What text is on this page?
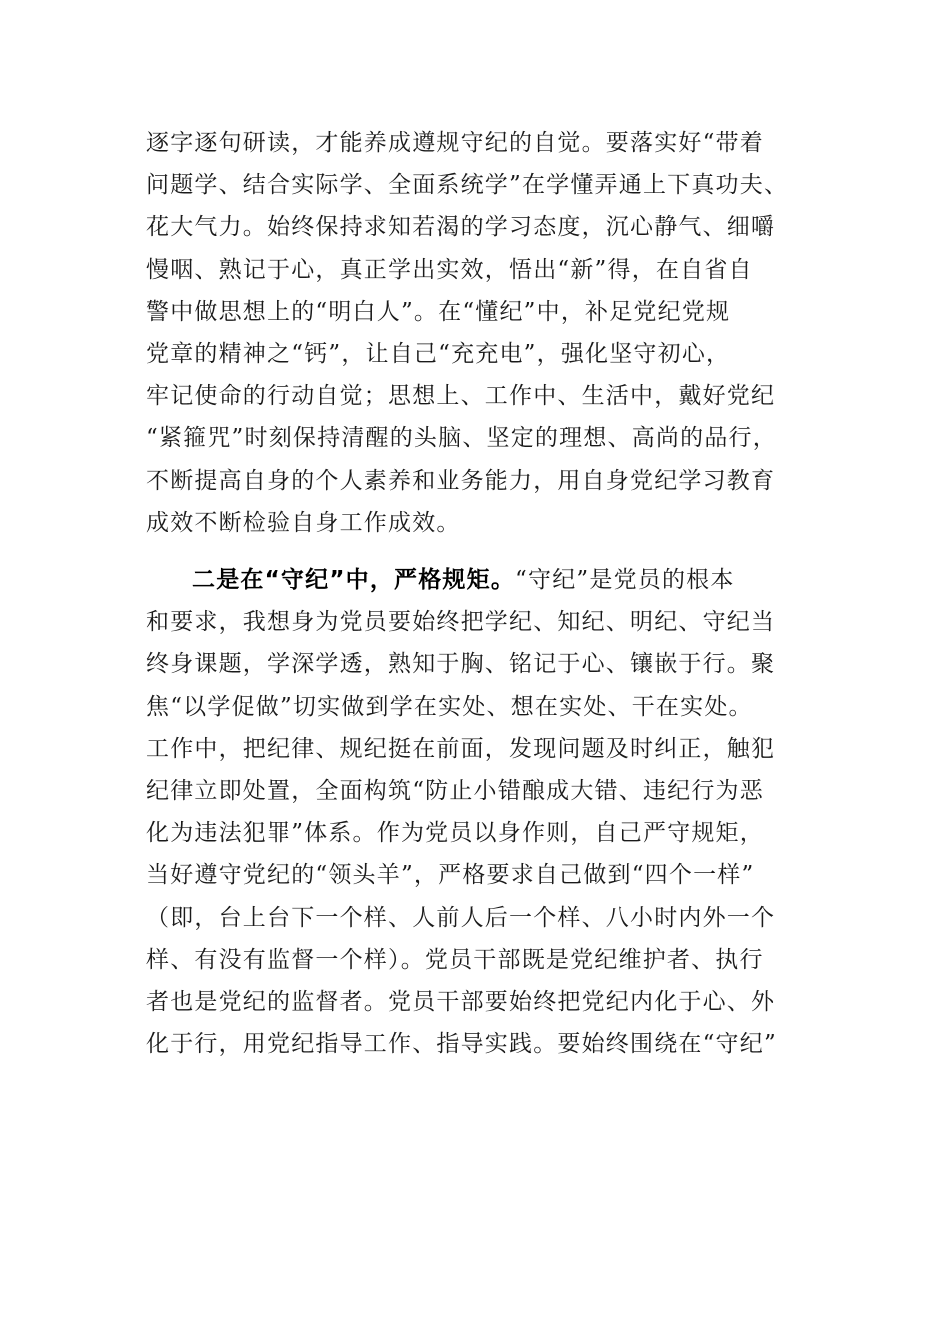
逐字逐句研读，才能养成遵规守纪的自觉。要落实好“带着
问题学、结合实际学、全面系统学”在学懂弄通上下真功夫、
花大气力。始终保持求知若渴的学习态度，沉心静气、细嚼
慢咽、熟记于心，真正学出实效，悟出“新”得，在自省自
警中做思想上的“明白人”。在“懂纪”中，补足党纪党规
党章的精神之“钙”，让自己“充充电”，强化坚守初心，
牢记使命的行动自觉；思想上、工作中、生活中，戴好党纪
“紧箍咒”时刻保持清醒的头脑、坚定的理想、高尚的品行，
不断提高自身的个人素养和业务能力，用自身党纪学习教育
成效不断检验自身工作成效。
二是在“守纪”中，严格规矩。“守纪”是党员的根本
和要求，我想身为党员要始终把学纪、知纪、明纪、守纪当
终身课题，学深学透，熟知于胸、铭记于心、镶嵌于行。聚
焦“以学促做”切实做到学在实处、想在实处、干在实处。
工作中，把纪律、规纪挺在前面，发现问题及时纠正，触犯
纪律立即处置，全面构筑“防止小错酿成大错、违纪行为恶
化为违法犯罪”体系。作为党员以身作则，自己严守规矩，
当好遵守党纪的“领头羊”，严格要求自己做到“四个一样”
（即，台上台下一个样、人前人后一个样、八小时内外一个
样、有没有监督一个样）。党员干部既是党纪维护者、执行
者也是党纪的监督者。党员干部要始终把党纪内化于心、外
化于行，用党纪指导工作、指导实践。要始终围绕在“守纪”
